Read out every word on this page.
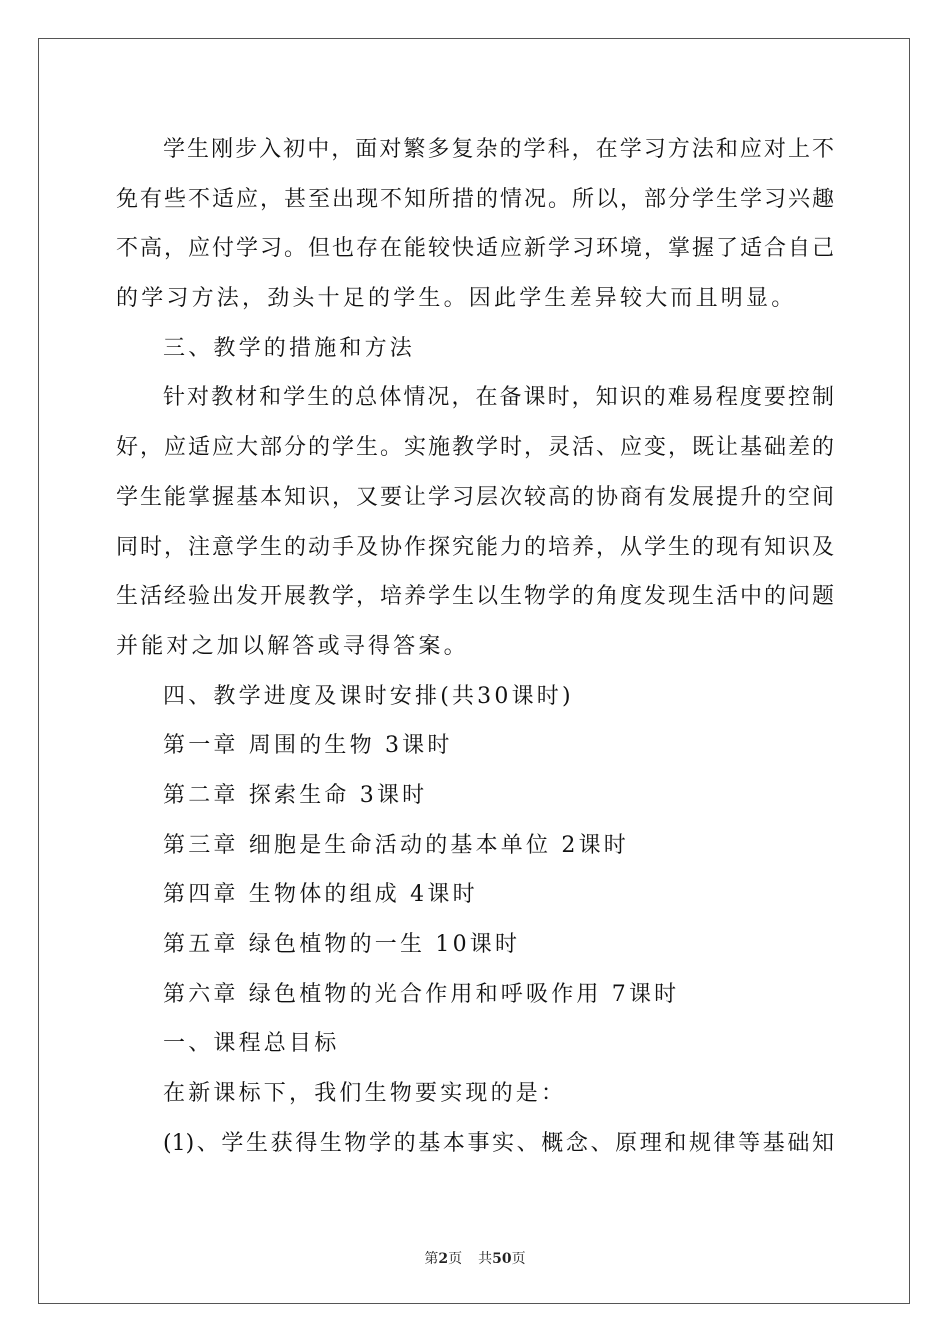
学生刚步入初中，面对繁多复杂的学科，在学习方法和应对上不
免有些不适应，甚至出现不知所措的情况。所以，部分学生学习兴趣
不高，应付学习。但也存在能较快适应新学习环境，掌握了适合自己
的学习方法，劲头十足的学生。因此学生差异较大而且明显。
三、教学的措施和方法
针对教材和学生的总体情况，在备课时，知识的难易程度要控制
好，应适应大部分的学生。实施教学时，灵活、应变，既让基础差的
学生能掌握基本知识，又要让学习层次较高的协商有发展提升的空间
同时，注意学生的动手及协作探究能力的培养，从学生的现有知识及
生活经验出发开展教学，培养学生以生物学的角度发现生活中的问题
并能对之加以解答或寻得答案。
四、教学进度及课时安排(共30课时)
第一章 周围的生物 3课时
第二章 探索生命 3课时
第三章 细胞是生命活动的基本单位 2课时
第四章 生物体的组成 4课时
第五章 绿色植物的一生 10课时
第六章 绿色植物的光合作用和呼吸作用 7课时
一、课程总目标
在新课标下，我们生物要实现的是：
(1)、学生获得生物学的基本事实、概念、原理和规律等基础知
第2页 共50页
